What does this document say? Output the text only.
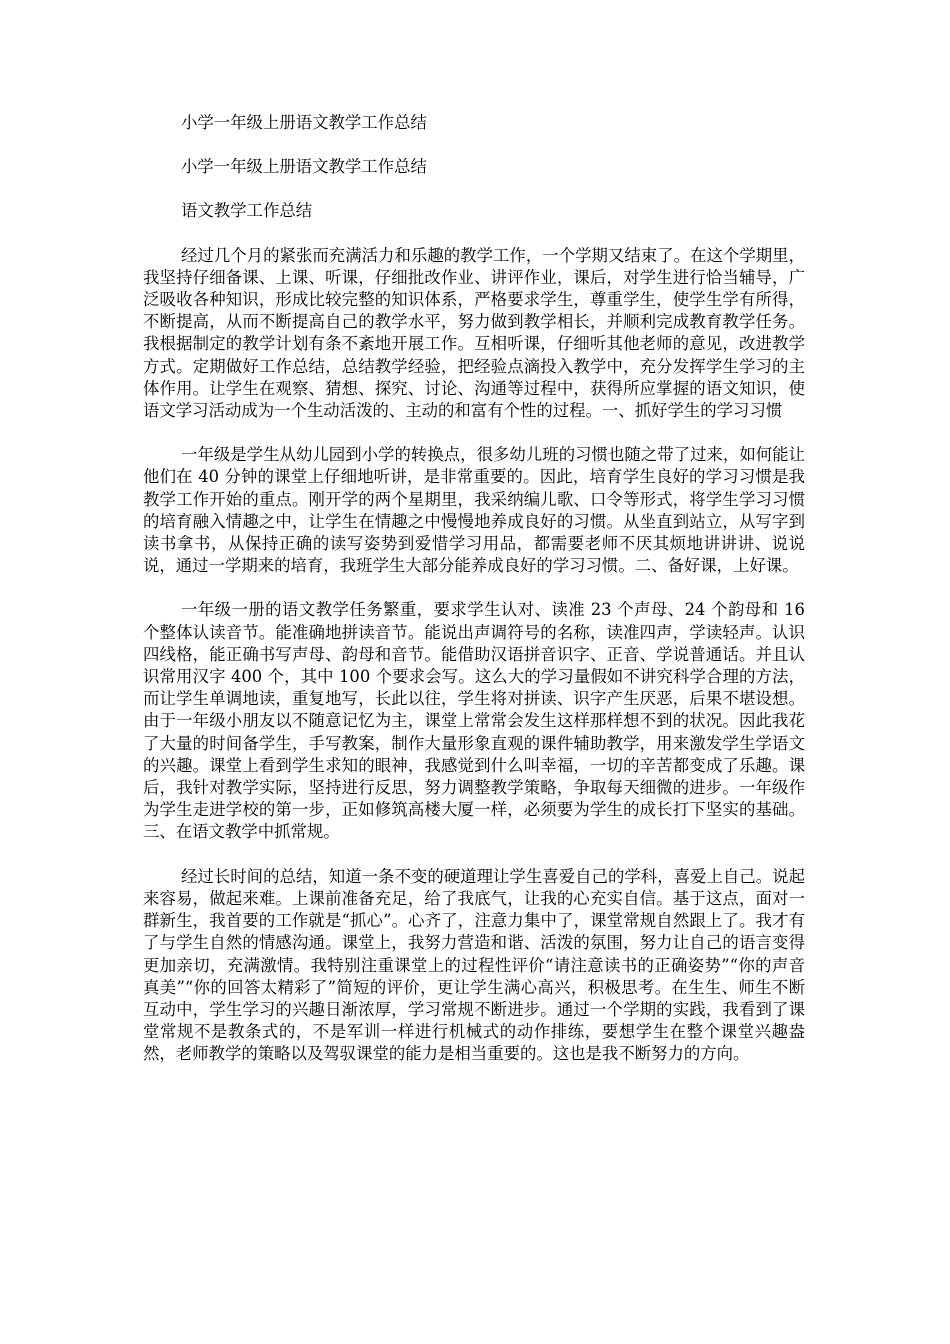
小学一年级上册语文教学工作总结

小学一年级上册语文教学工作总结

语文教学工作总结

经过几个月的紧张而充满活力和乐趣的教学工作，一个学期又结束了。在这个学期里，我坚持仔细备课、上课、听课，仔细批改作业、讲评作业，课后，对学生进行恰当辅导，广泛吸收各种知识，形成比较完整的知识体系，严格要求学生，尊重学生，使学生学有所得，不断提高，从而不断提高自己的教学水平，努力做到教学相长，并顺利完成教育教学任务。我根据制定的教学计划有条不紊地开展工作。互相听课，仔细听其他老师的意见，改进教学方式。定期做好工作总结，总结教学经验，把经验点滴投入教学中，充分发挥学生学习的主体作用。让学生在观察、猜想、探究、讨论、沟通等过程中，获得所应掌握的语文知识，使语文学习活动成为一个生动活泼的、主动的和富有个性的过程。一、抓好学生的学习习惯

一年级是学生从幼儿园到小学的转换点，很多幼儿班的习惯也随之带了过来，如何能让他们在 40 分钟的课堂上仔细地听讲，是非常重要的。因此，培育学生良好的学习习惯是我教学工作开始的重点。刚开学的两个星期里，我采纳编儿歌、口令等形式，将学生学习习惯的培育融入情趣之中，让学生在情趣之中慢慢地养成良好的习惯。从坐直到站立，从写字到读书拿书，从保持正确的读写姿势到爱惜学习用品，都需要老师不厌其烦地讲讲讲、说说说，通过一学期来的培育，我班学生大部分能养成良好的学习习惯。二、备好课，上好课。

一年级一册的语文教学任务繁重，要求学生认对、读准 23 个声母、24 个韵母和 16 个整体认读音节。能准确地拼读音节。能说出声调符号的名称，读准四声，学读轻声。认识四线格，能正确书写声母、韵母和音节。能借助汉语拼音识字、正音、学说普通话。并且认识常用汉字 400 个，其中 100 个要求会写。这么大的学习量假如不讲究科学合理的方法，而让学生单调地读，重复地写，长此以往，学生将对拼读、识字产生厌恶，后果不堪设想。由于一年级小朋友以不随意记忆为主，课堂上常常会发生这样那样想不到的状况。因此我花了大量的时间备学生，手写教案，制作大量形象直观的课件辅助教学，用来激发学生学语文的兴趣。课堂上看到学生求知的眼神，我感觉到什么叫幸福，一切的辛苦都变成了乐趣。课后，我针对教学实际，坚持进行反思，努力调整教学策略，争取每天细微的进步。一年级作为学生走进学校的第一步，正如修筑高楼大厦一样，必须要为学生的成长打下坚实的基础。三、在语文教学中抓常规。

经过长时间的总结，知道一条不变的硬道理让学生喜爱自己的学科，喜爱上自己。说起来容易，做起来难。上课前准备充足，给了我底气，让我的心充实自信。基于这点，面对一群新生，我首要的工作就是“抓心”。心齐了，注意力集中了，课堂常规自然跟上了。我才有了与学生自然的情感沟通。课堂上，我努力营造和谐、活泼的氛围，努力让自己的语言变得更加亲切，充满激情。我特别注重课堂上的过程性评价“请注意读书的正确姿势”“你的声音真美”“你的回答太精彩了”简短的评价，更让学生满心高兴，积极思考。在生生、师生不断互动中，学生学习的兴趣日渐浓厚，学习常规不断进步。通过一个学期的实践，我看到了课堂常规不是教条式的，不是军训一样进行机械式的动作排练，要想学生在整个课堂兴趣盎然，老师教学的策略以及驾驭课堂的能力是相当重要的。这也是我不断努力的方向。
